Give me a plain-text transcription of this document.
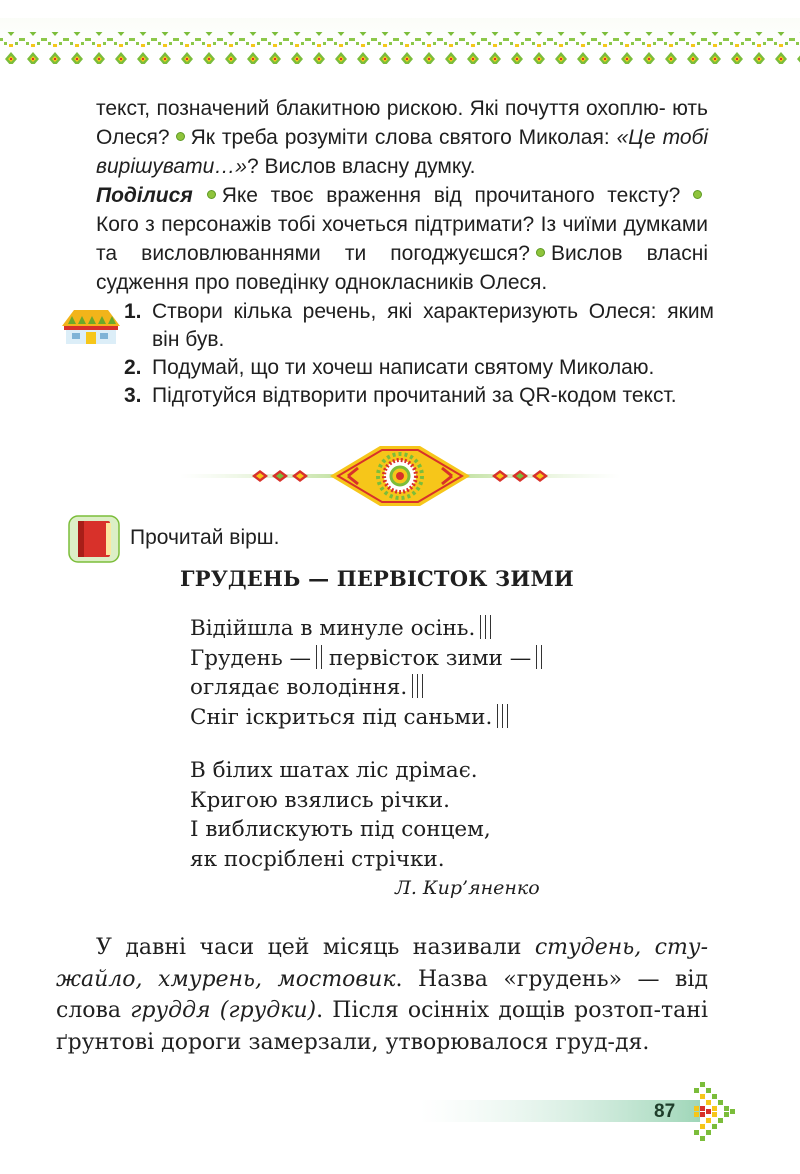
текст, позначений блакитною рискою. Які почуття охоплю- ють Олеся? Як треба розуміти слова святого Миколая: «Це тобі вирішувати…»? Вислов власну думку.
Поділися Яке твоє враження від прочитаного тексту? Кого з персонажів тобі хочеться підтримати? Із чиїми думками та висловлюваннями ти погоджуєшся? Вислов власні судження про поведінку однокласників Олеся.
1. Створи кілька речень, які характеризують Олеся: яким він був.
2. Подумай, що ти хочеш написати святому Миколаю.
3. Підготуйся відтворити прочитаний за QR-кодом текст.
Прочитай вірш.
ГРУДЕНЬ — ПЕРВІСТОК ЗИМИ
Відійшла в минуле осінь.
Грудень — первісток зими —
оглядає володіння.
Сніг іскриться під саньми.
В білих шатах ліс дрімає.
Кригою взялись річки.
І виблискують під сонцем,
як посріблені стрічки.
Л. Кир’яненко
У давні часи цей місяць називали студень, сту-жайло, хмурень, мостовик. Назва «грудень» — від слова груддя (грудки). Після осінніх дощів розтоп-тані ґрунтові дороги замерзали, утворювалося груд-дя.
87
